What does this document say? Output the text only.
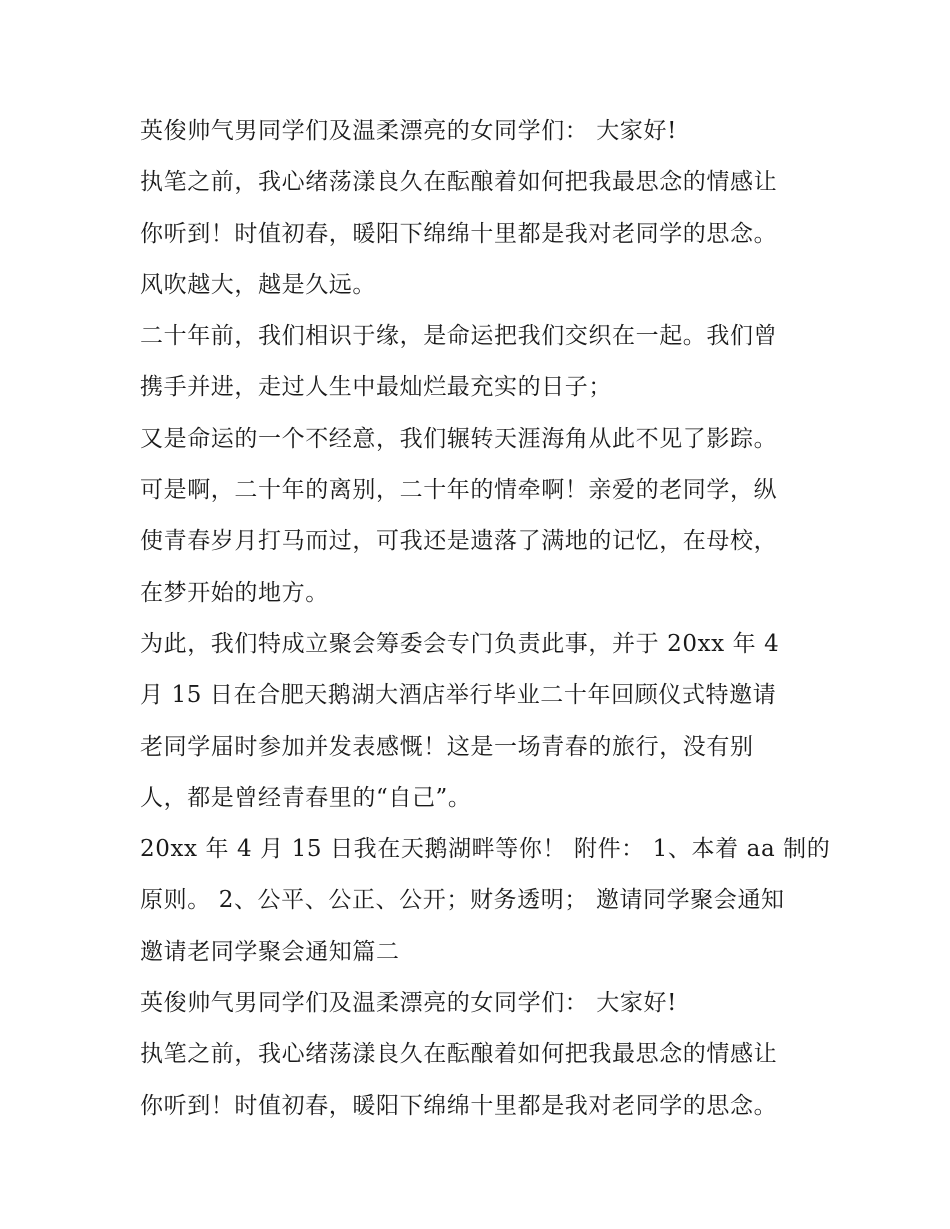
英俊帅气男同学们及温柔漂亮的女同学们： 大家好!
执笔之前，我心绪荡漾良久在酝酿着如何把我最思念的情感让
你听到！时值初春，暖阳下绵绵十里都是我对老同学的思念。
风吹越大，越是久远。
二十年前，我们相识于缘，是命运把我们交织在一起。我们曾
携手并进，走过人生中最灿烂最充实的日子；
又是命运的一个不经意，我们辗转天涯海角从此不见了影踪。
可是啊，二十年的离别，二十年的情牵啊！亲爱的老同学，纵
使青春岁月打马而过，可我还是遗落了满地的记忆，在母校，
在梦开始的地方。
为此，我们特成立聚会筹委会专门负责此事，并于 20xx 年 4
月 15 日在合肥天鹅湖大酒店举行毕业二十年回顾仪式特邀请
老同学届时参加并发表感慨！这是一场青春的旅行，没有别
人，都是曾经青春里的“自己”。
20xx 年 4 月 15 日我在天鹅湖畔等你！ 附件： 1、本着 aa 制的
原则。 2、公平、公正、公开；财务透明； 邀请同学聚会通知
邀请老同学聚会通知篇二
英俊帅气男同学们及温柔漂亮的女同学们： 大家好!
执笔之前，我心绪荡漾良久在酝酿着如何把我最思念的情感让
你听到！时值初春，暖阳下绵绵十里都是我对老同学的思念。
